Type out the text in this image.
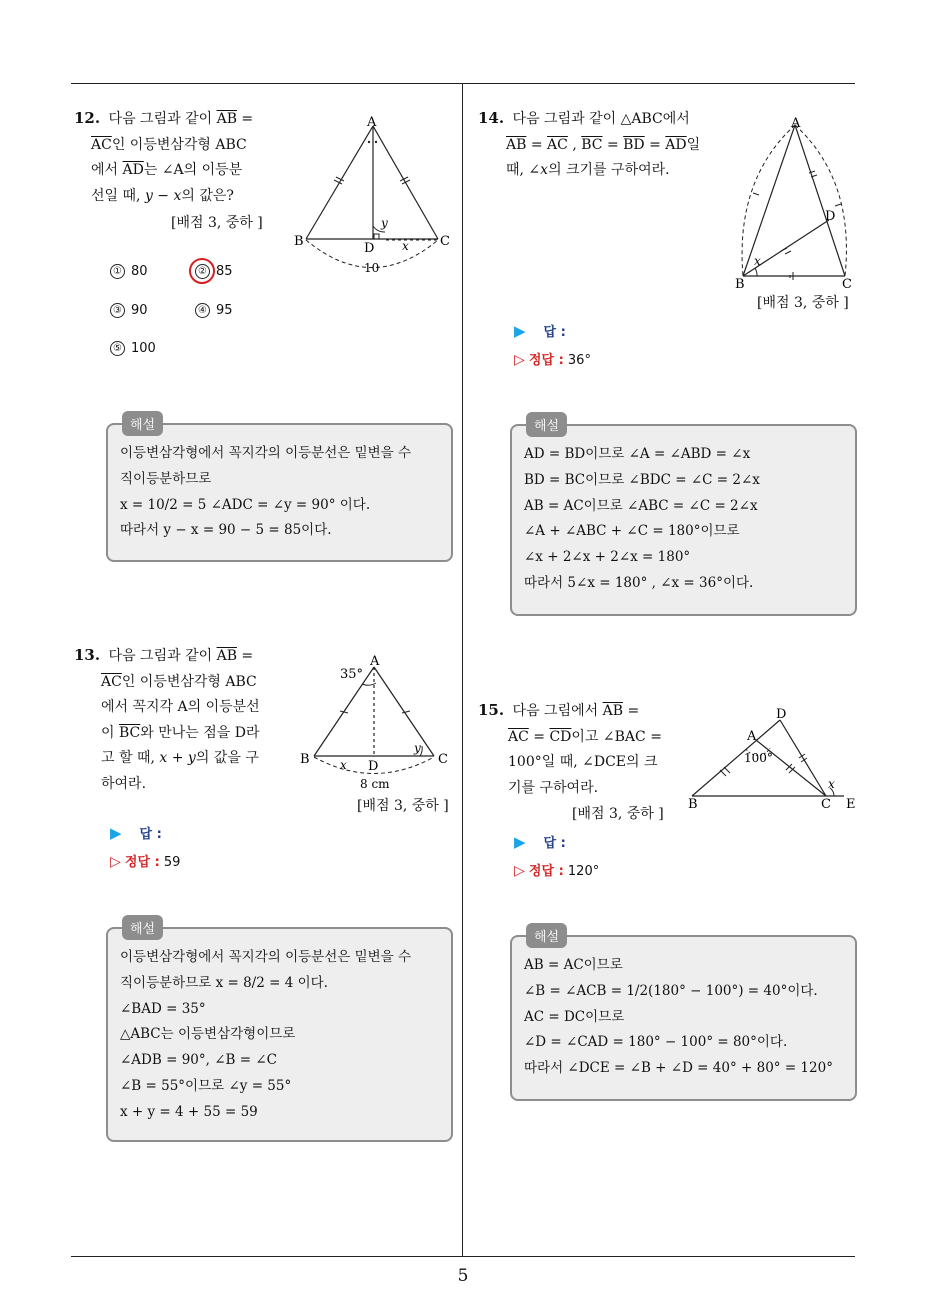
5
12. 다음 그림과 같이 $\overline{AB}$ =
$\overline{AC}$인 이등변삼각형 ABC
에서 $\overline{AD}$는 ∠A의 이등분
선일 때, y − x의 값은?
[배점 3, 중하 ]
A
B	C
D x
y
10
① 80	② 85
③ 90	④ 95
⑤ 100
해설
이등변삼각형에서 꼭지각의 이등분선은 밑변을 수
직이등분하므로
x = 10/2 = 5 ∠ADC = ∠y = 90° 이다.
따라서 y − x = 90 − 5 = 85이다.
13. 다음 그림과 같이 $\overline{AB}$ =
$\overline{AC}$인 이등변삼각형 ABC
에서 꼭지각 A의 이등분선
이 $\overline{BC}$와 만나는 점을 D라
고 할 때, x + y의 값을 구
하여라.
A
35°
B	C
D
x
y
8 cm
[배점 3, 중하 ]
▶ 답 :
▷ 정답 : 59
해설
이등변삼각형에서 꼭지각의 이등분선은 밑변을 수
직이등분하므로 x = 8/2 = 4 이다.
∠BAD = 35°
△ABC는 이등변삼각형이므로
∠ADB = 90°, ∠B = ∠C
∠B = 55°이므로 ∠y = 55°
x + y = 4 + 55 = 59
14. 다음 그림과 같이 △ABC에서
$\overline{AB} = \overline{AC}$ , $\overline{BC} = \overline{BD} = \overline{AD}$일
때, ∠x의 크기를 구하여라.
A
B	C
D
x
[배점 3, 중하 ]
▶ 답 :
▷ 정답 : 36°
해설
AD = BD이므로 ∠A = ∠ABD = ∠x
BD = BC이므로 ∠BDC = ∠C = 2∠x
AB = AC이므로 ∠ABC = ∠C = 2∠x
∠A + ∠ABC + ∠C = 180°이므로
∠x + 2∠x + 2∠x = 180°
따라서 5∠x = 180° , ∠x = 36°이다.
15. 다음 그림에서 $\overline{AB}$ =
$\overline{AC} = \overline{CD}$이고 ∠BAC =
100°일 때, ∠DCE의 크
기를 구하여라.
[배점 3, 중하 ]
A
B	C
D
E
x
100°
▶ 답 :
▷ 정답 : 120°
해설
AB = AC이므로
∠B = ∠ACB = 1/2(180° − 100°) = 40°이다.
AC = DC이므로
∠D = ∠CAD = 180° − 100° = 80°이다.
따라서 ∠DCE = ∠B + ∠D = 40° + 80° = 120°
